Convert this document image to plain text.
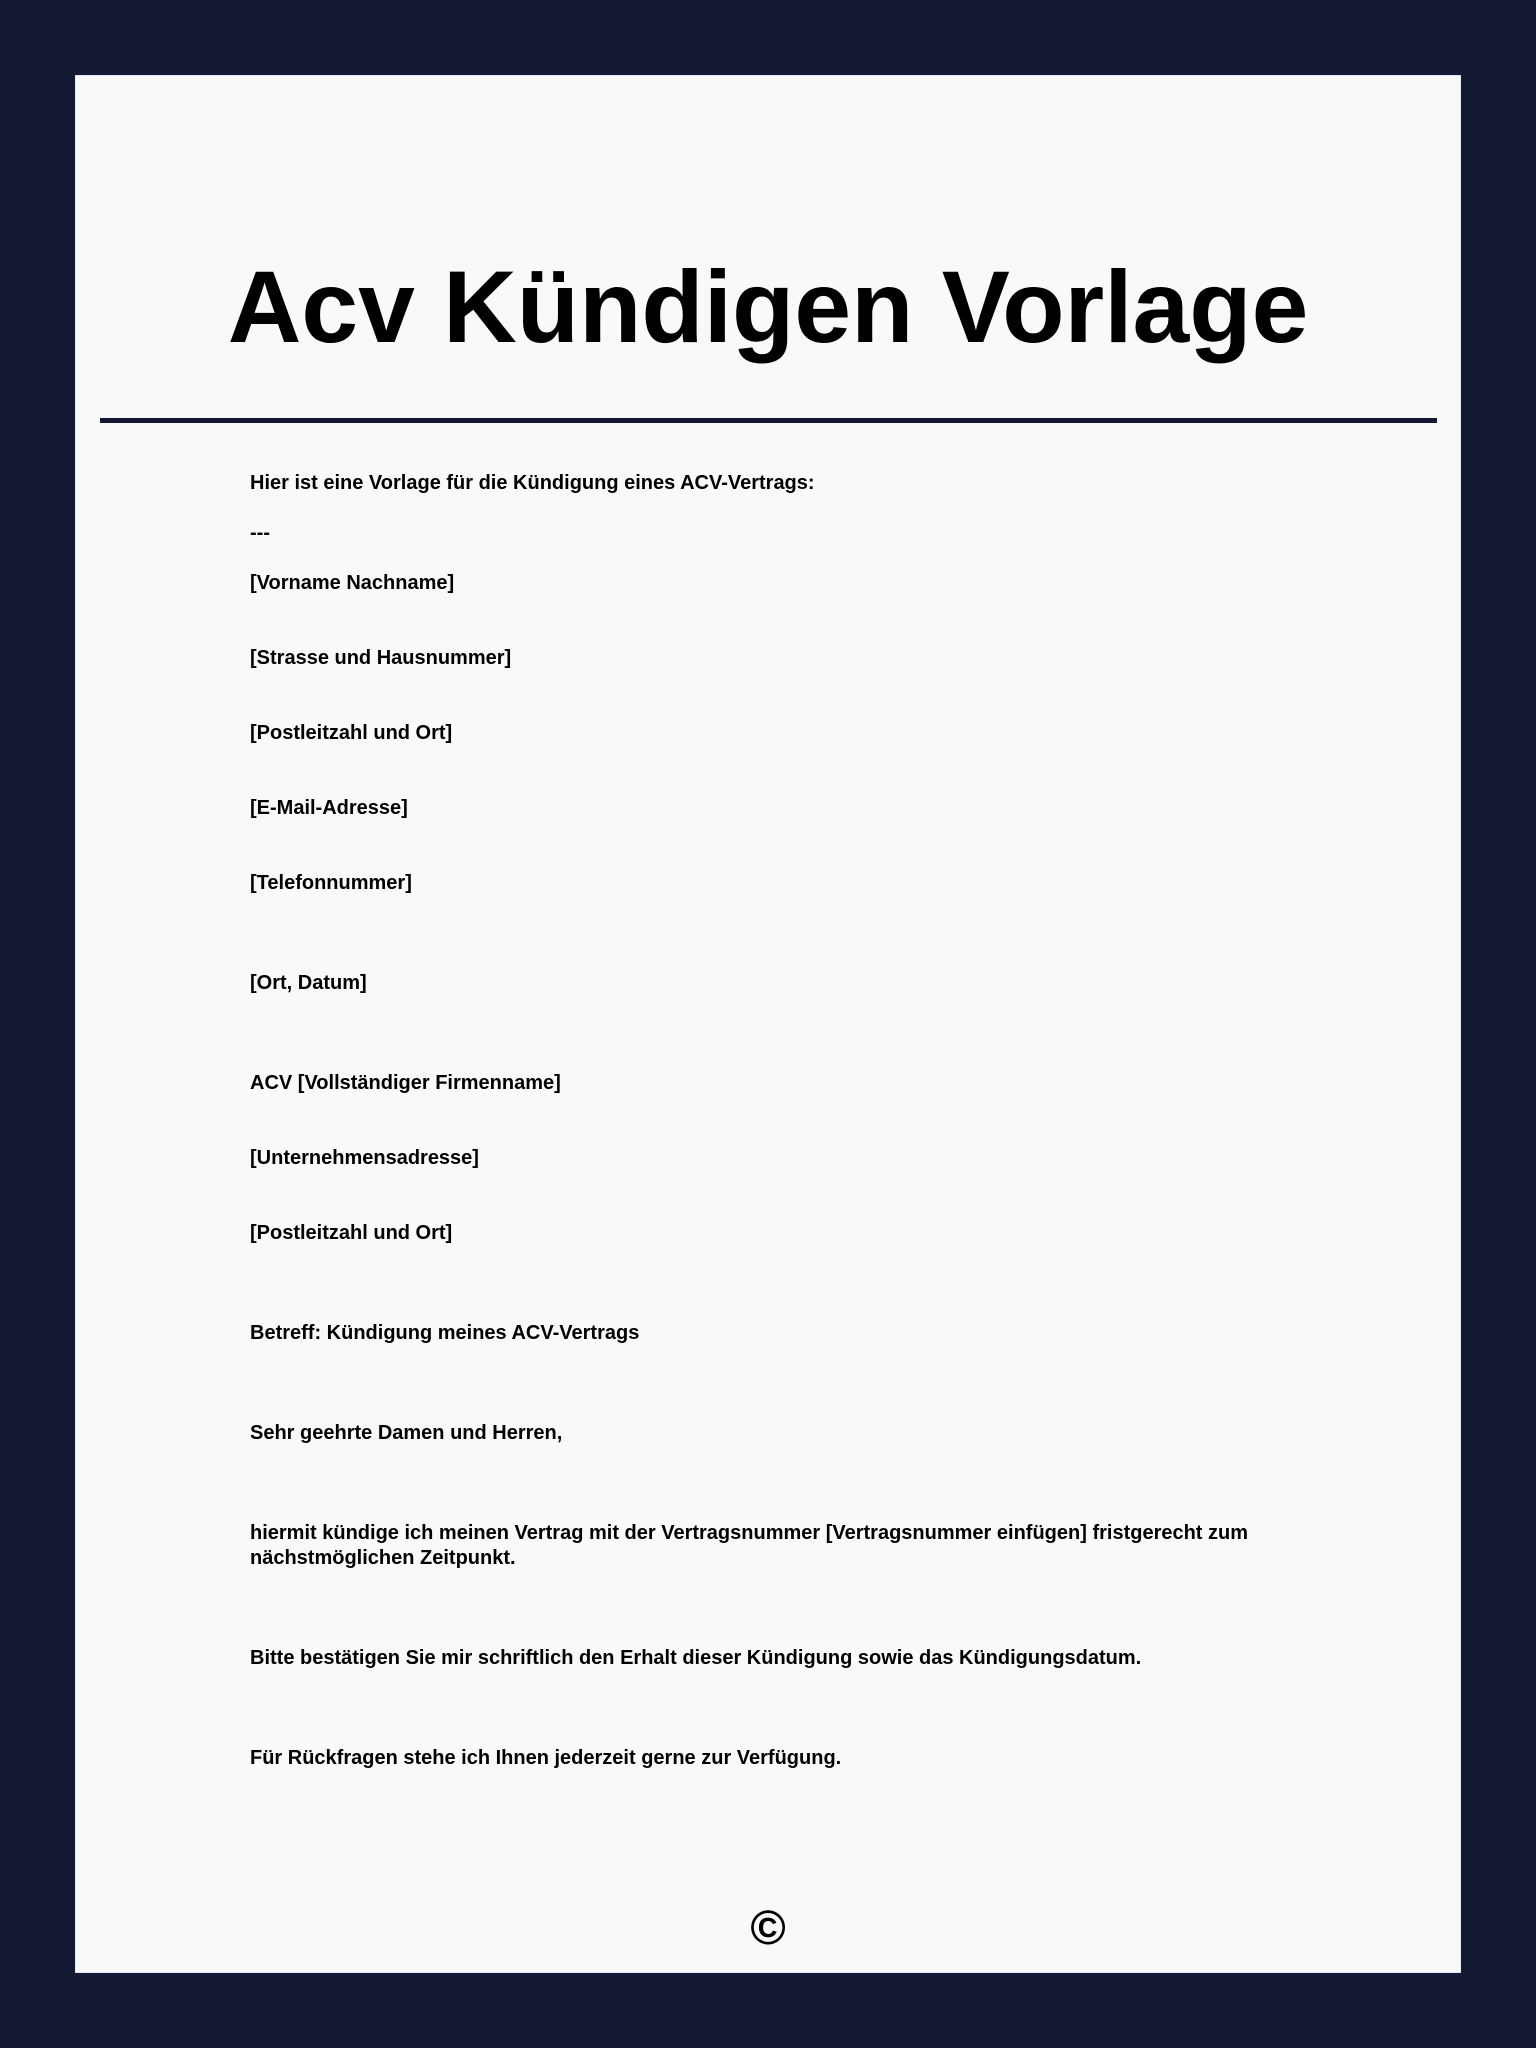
Acv Kündigen Vorlage

Hier ist eine Vorlage für die Kündigung eines ACV-Vertrags:

---

[Vorname Nachname]

[Strasse und Hausnummer]

[Postleitzahl und Ort]

[E-Mail-Adresse]

[Telefonnummer]

[Ort, Datum]

ACV [Vollständiger Firmenname]

[Unternehmensadresse]

[Postleitzahl und Ort]

Betreff: Kündigung meines ACV-Vertrags

Sehr geehrte Damen und Herren,

hiermit kündige ich meinen Vertrag mit der Vertragsnummer [Vertragsnummer einfügen] fristgerecht zum nächstmöglichen Zeitpunkt.

Bitte bestätigen Sie mir schriftlich den Erhalt dieser Kündigung sowie das Kündigungsdatum.

Für Rückfragen stehe ich Ihnen jederzeit gerne zur Verfügung.

©
